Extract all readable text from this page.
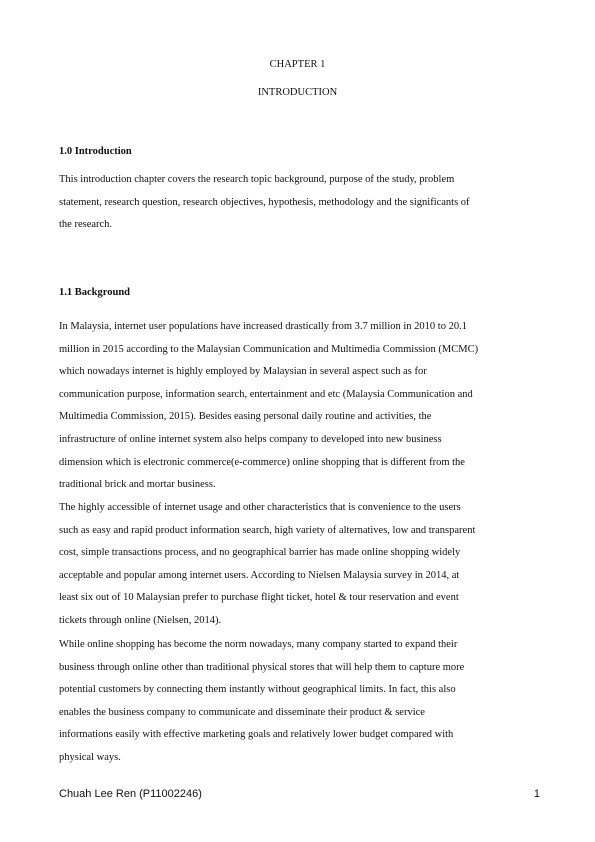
CHAPTER 1
INTRODUCTION
1.0 Introduction
This introduction chapter covers the research topic background, purpose of the study, problem
statement, research question, research objectives, hypothesis, methodology and the significants of
the research.
1.1 Background
In Malaysia, internet user populations have increased drastically from 3.7 million in 2010 to 20.1
million in 2015 according to the Malaysian Communication and Multimedia Commission (MCMC)
which nowadays internet is highly employed by Malaysian in several aspect such as for
communication purpose, information search, entertainment and etc (Malaysia Communication and
Multimedia Commission, 2015). Besides easing personal daily routine and activities, the
infrastructure of online internet system also helps company to developed into new business
dimension which is electronic commerce(e-commerce) online shopping that is different from the
traditional brick and mortar business.
The highly accessible of internet usage and other characteristics that is convenience to the users
such as easy and rapid product information search, high variety of alternatives, low and transparent
cost, simple transactions process, and no geographical barrier has made online shopping widely
acceptable and popular among internet users. According to Nielsen Malaysia survey in 2014, at
least six out of 10 Malaysian prefer to purchase flight ticket, hotel & tour reservation and event
tickets through online (Nielsen, 2014).
While online shopping has become the norm nowadays, many company started to expand their
business through online other than traditional physical stores that will help them to capture more
potential customers by connecting them instantly without geographical limits. In fact, this also
enables the business company to communicate and disseminate their product & service
informations easily with effective marketing goals and relatively lower budget compared with
physical ways.
Chuah Lee Ren (P11002246)	1
